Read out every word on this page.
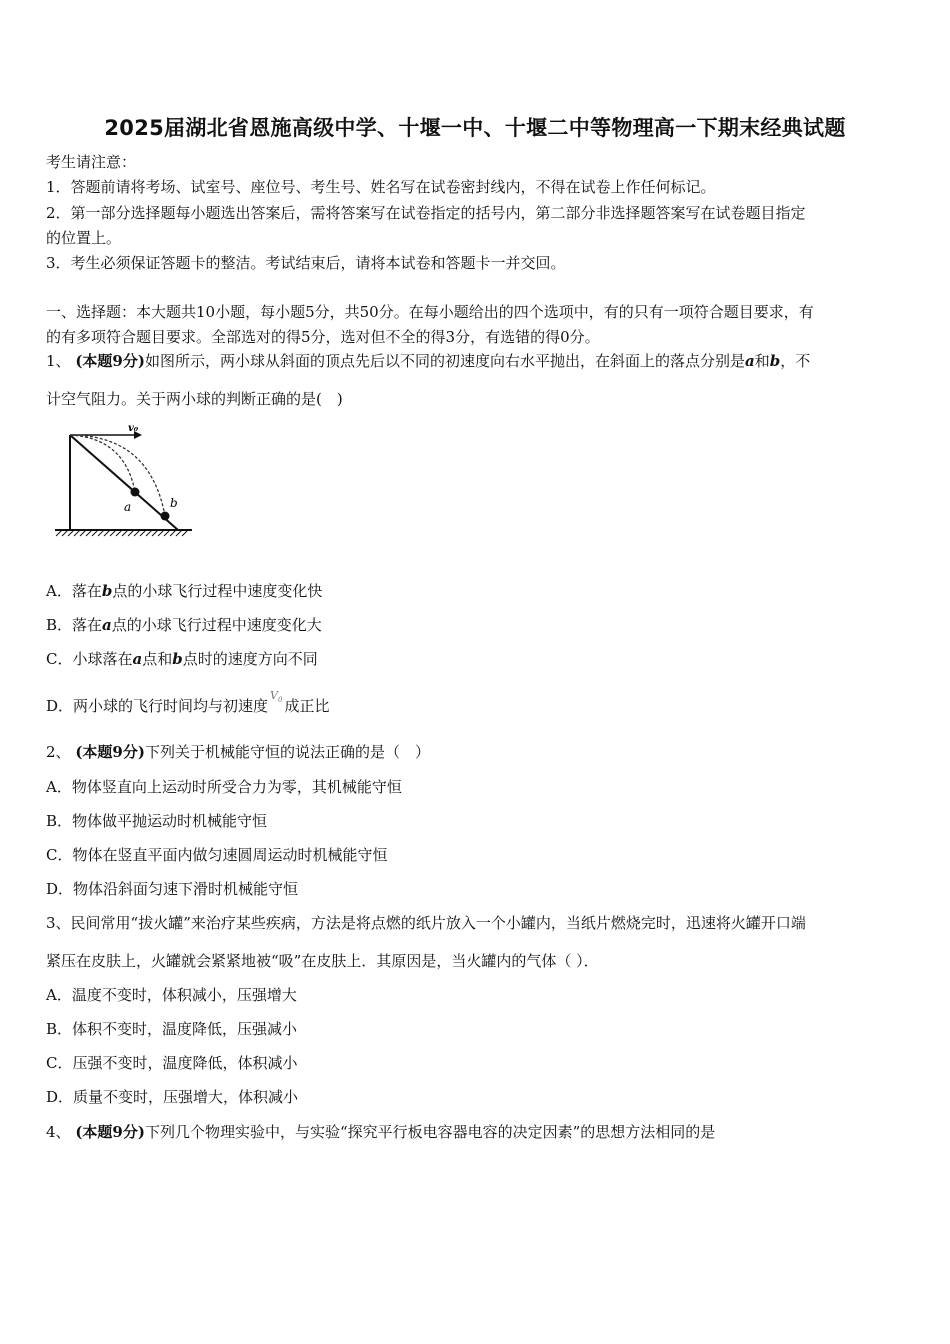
2025届湖北省恩施高级中学、十堰一中、十堰二中等物理高一下期末经典试题
考生请注意：
1．答题前请将考场、试室号、座位号、考生号、姓名写在试卷密封线内，不得在试卷上作任何标记。
2．第一部分选择题每小题选出答案后，需将答案写在试卷指定的括号内，第二部分非选择题答案写在试卷题目指定
的位置上。
3．考生必须保证答题卡的整洁。考试结束后，请将本试卷和答题卡一并交回。
一、选择题：本大题共10小题，每小题5分，共50分。在每小题给出的四个选项中，有的只有一项符合题目要求，有
的有多项符合题目要求。全部选对的得5分，选对但不全的得3分，有选错的得0分。
1、 (本题9分)如图所示，两小球从斜面的顶点先后以不同的初速度向右水平抛出，在斜面上的落点分别是a和b，不
计空气阻力。关于两小球的判断正确的是(　)
v₀
a	b
A．落在b点的小球飞行过程中速度变化快
B．落在a点的小球飞行过程中速度变化大
C．小球落在a点和b点时的速度方向不同
D．两小球的飞行时间均与初速度$V_0$ 成正比
2、 (本题9分)下列关于机械能守恒的说法正确的是（　）
A．物体竖直向上运动时所受合力为零，其机械能守恒
B．物体做平抛运动时机械能守恒
C．物体在竖直平面内做匀速圆周运动时机械能守恒
D．物体沿斜面匀速下滑时机械能守恒
3、民间常用“拔火罐”来治疗某些疾病，方法是将点燃的纸片放入一个小罐内，当纸片燃烧完时，迅速将火罐开口端
紧压在皮肤上，火罐就会紧紧地被“吸”在皮肤上．其原因是，当火罐内的气体（ ）．
A．温度不变时，体积减小，压强增大
B．体积不变时，温度降低，压强减小
C．压强不变时，温度降低，体积减小
D．质量不变时，压强增大，体积减小
4、 (本题9分)下列几个物理实验中，与实验“探究平行板电容器电容的决定因素”的思想方法相同的是
